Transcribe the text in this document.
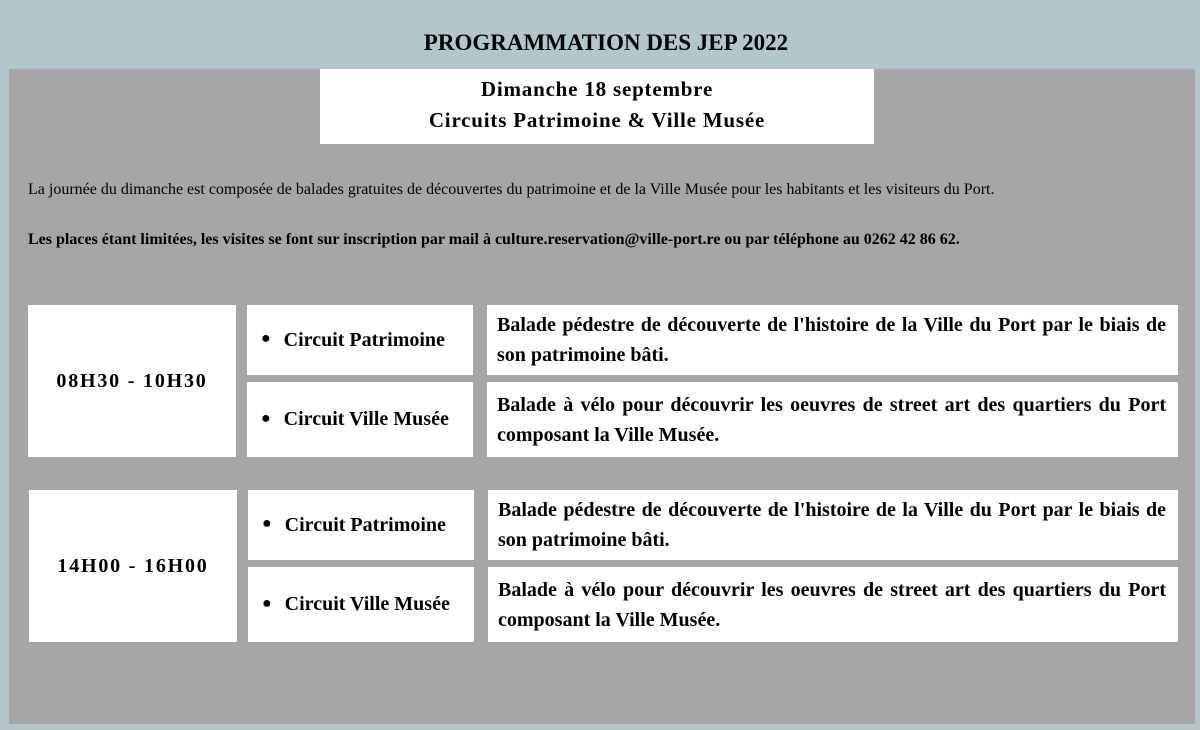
PROGRAMMATION DES JEP 2022
Dimanche 18 septembre
Circuits Patrimoine & Ville Musée
La journée du dimanche est composée de balades gratuites de découvertes du patrimoine et de la Ville Musée pour les habitants et les visiteurs du Port.
Les places étant limitées, les visites se font sur inscription par mail à culture.reservation@ville-port.re ou par téléphone au 0262 42 86 62.
08H30 - 10H30
● Circuit Patrimoine
Balade pédestre de découverte de l'histoire de la Ville du Port par le biais de son patrimoine bâti.
● Circuit Ville Musée
Balade à vélo pour découvrir les oeuvres de street art des quartiers du Port composant la Ville Musée.
14H00 - 16H00
● Circuit Patrimoine
Balade pédestre de découverte de l'histoire de la Ville du Port par le biais de son patrimoine bâti.
● Circuit Ville Musée
Balade à vélo pour découvrir les oeuvres de street art des quartiers du Port composant la Ville Musée.
